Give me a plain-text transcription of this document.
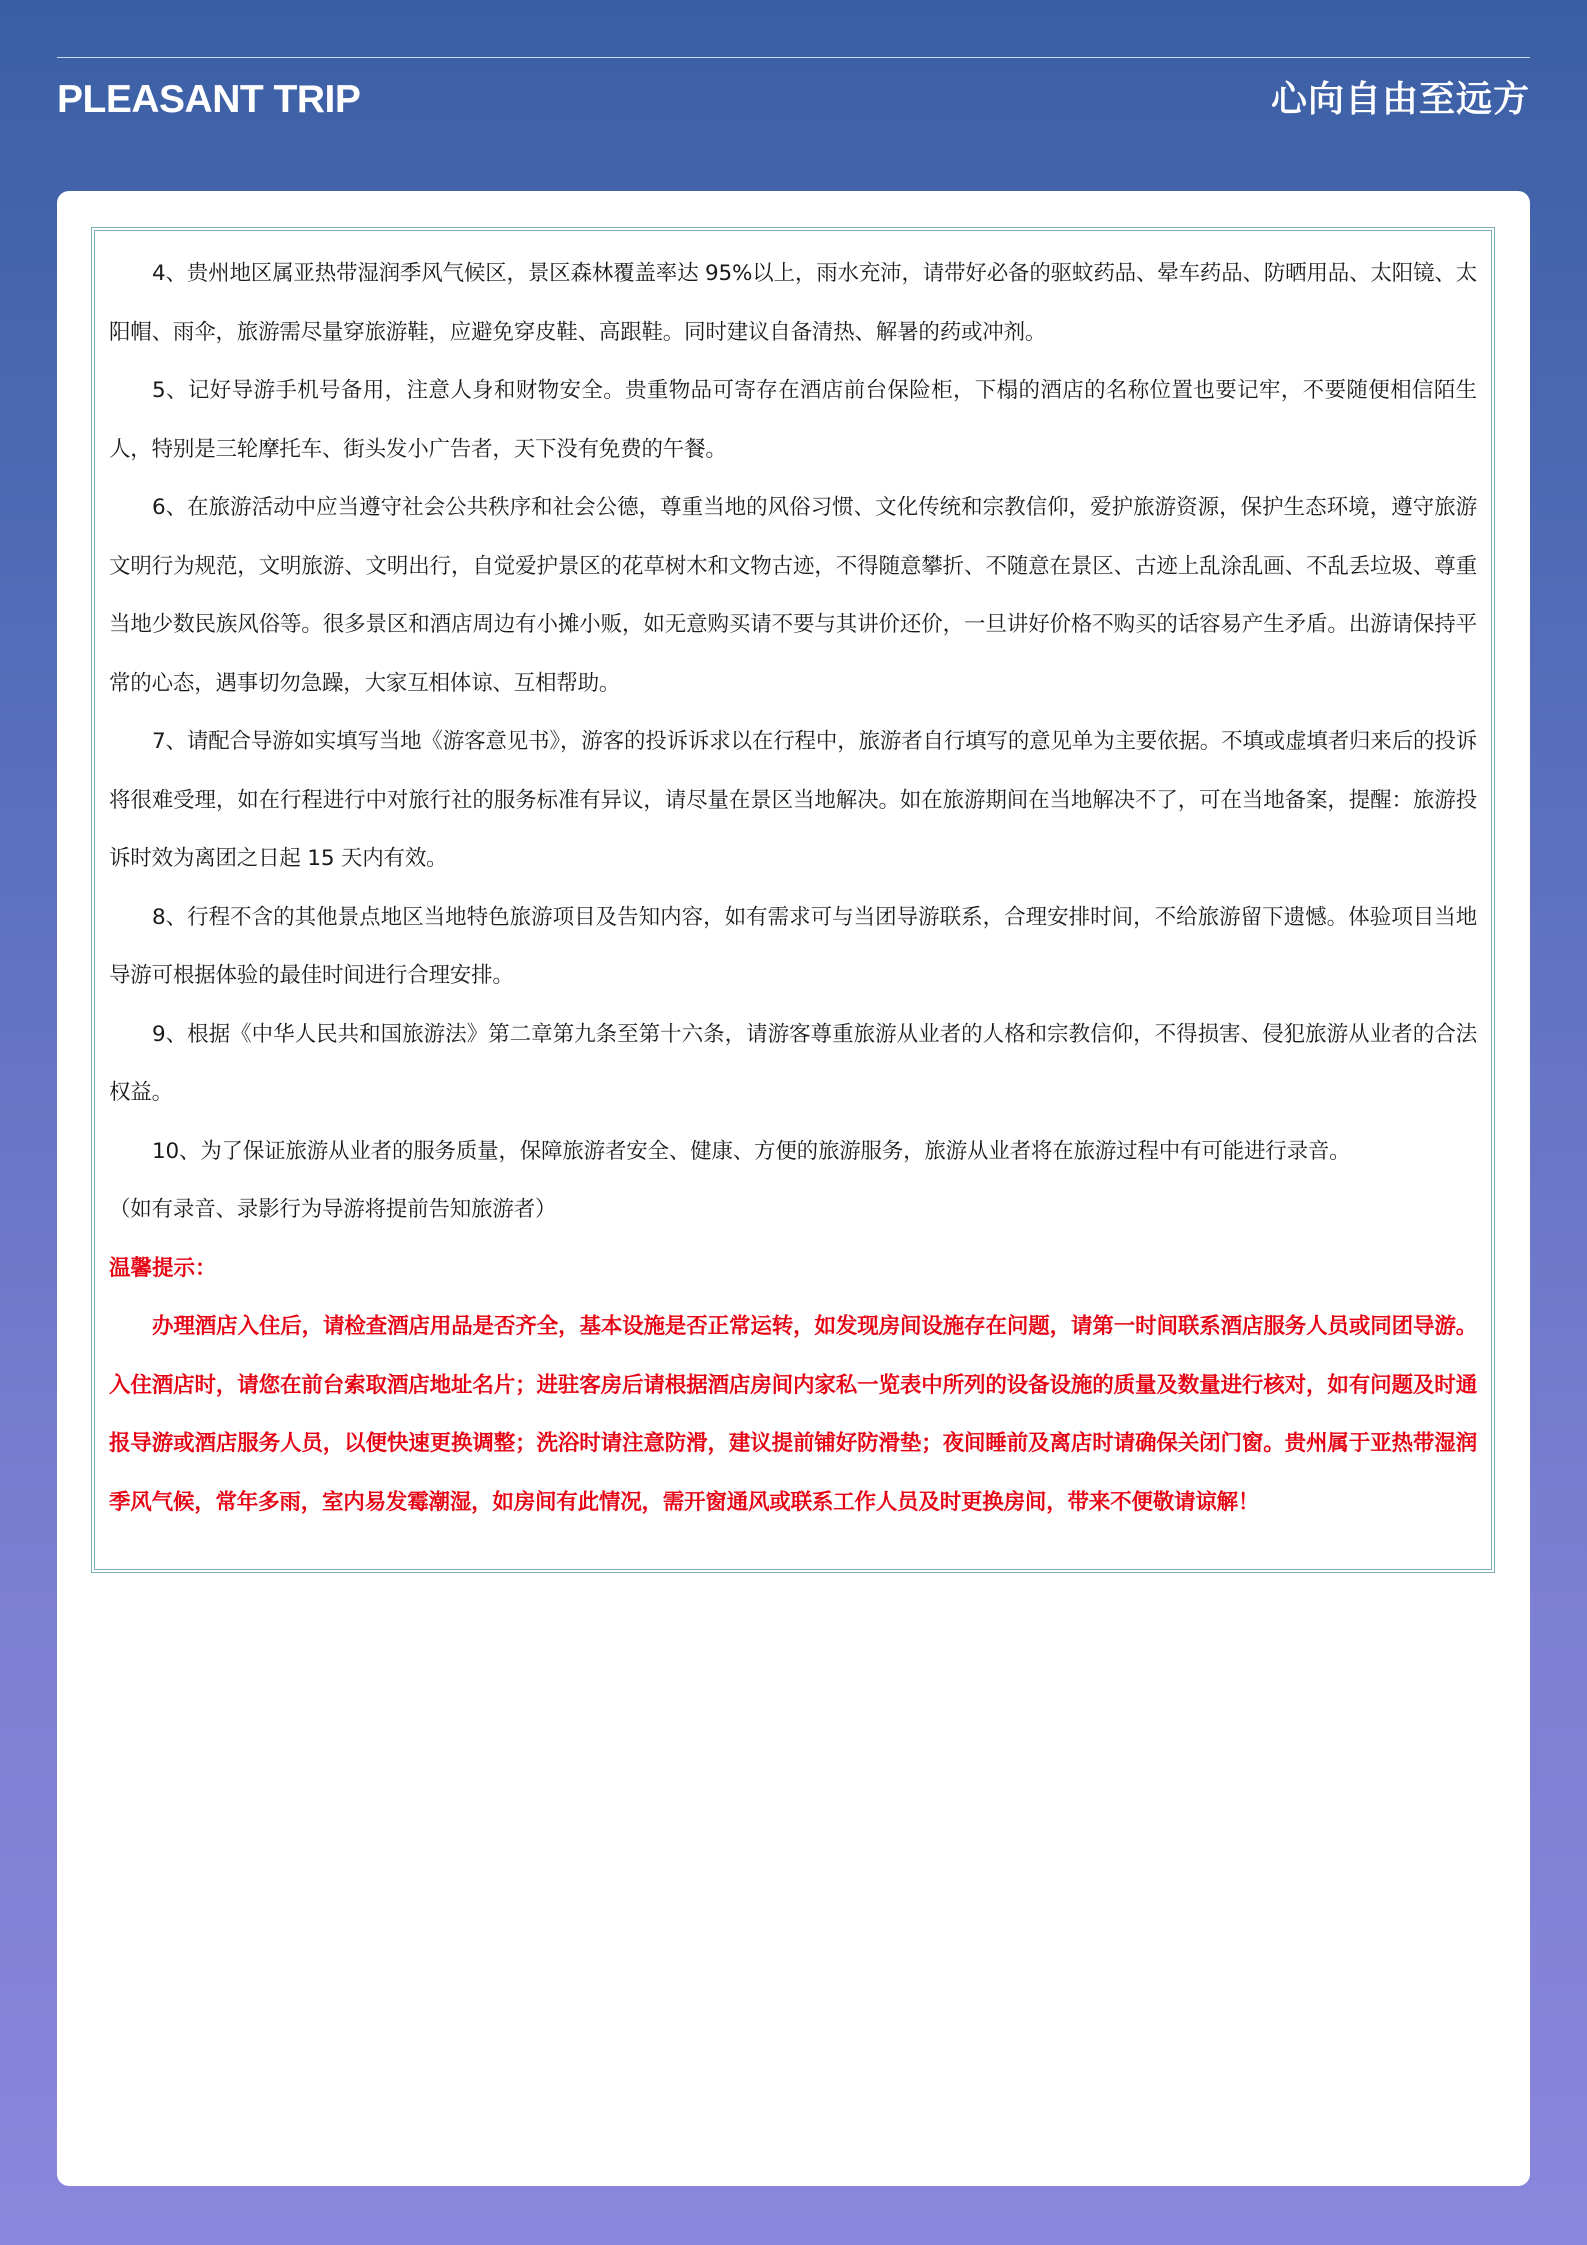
PLEASANT TRIP	心向自由至远方

4、贵州地区属亚热带湿润季风气候区，景区森林覆盖率达 95%以上，雨水充沛，请带好必备的驱蚊药品、晕车药品、防晒用品、太阳镜、太阳帽、雨伞，旅游需尽量穿旅游鞋，应避免穿皮鞋、高跟鞋。同时建议自备清热、解暑的药或冲剂。

5、记好导游手机号备用，注意人身和财物安全。贵重物品可寄存在酒店前台保险柜，下榻的酒店的名称位置也要记牢，不要随便相信陌生人，特别是三轮摩托车、街头发小广告者，天下没有免费的午餐。

6、在旅游活动中应当遵守社会公共秩序和社会公德，尊重当地的风俗习惯、文化传统和宗教信仰，爱护旅游资源，保护生态环境，遵守旅游文明行为规范，文明旅游、文明出行，自觉爱护景区的花草树木和文物古迹，不得随意攀折、不随意在景区、古迹上乱涂乱画、不乱丢垃圾、尊重当地少数民族风俗等。很多景区和酒店周边有小摊小贩，如无意购买请不要与其讲价还价，一旦讲好价格不购买的话容易产生矛盾。出游请保持平常的心态，遇事切勿急躁，大家互相体谅、互相帮助。

7、请配合导游如实填写当地《游客意见书》，游客的投诉诉求以在行程中，旅游者自行填写的意见单为主要依据。不填或虚填者归来后的投诉将很难受理，如在行程进行中对旅行社的服务标准有异议，请尽量在景区当地解决。如在旅游期间在当地解决不了，可在当地备案，提醒：旅游投诉时效为离团之日起 15 天内有效。

8、行程不含的其他景点地区当地特色旅游项目及告知内容，如有需求可与当团导游联系，合理安排时间，不给旅游留下遗憾。体验项目当地导游可根据体验的最佳时间进行合理安排。

9、根据《中华人民共和国旅游法》第二章第九条至第十六条，请游客尊重旅游从业者的人格和宗教信仰，不得损害、侵犯旅游从业者的合法权益。

10、为了保证旅游从业者的服务质量，保障旅游者安全、健康、方便的旅游服务，旅游从业者将在旅游过程中有可能进行录音。

（如有录音、录影行为导游将提前告知旅游者）

温馨提示：

办理酒店入住后，请检查酒店用品是否齐全，基本设施是否正常运转，如发现房间设施存在问题，请第一时间联系酒店服务人员或同团导游。入住酒店时，请您在前台索取酒店地址名片；进驻客房后请根据酒店房间内家私一览表中所列的设备设施的质量及数量进行核对，如有问题及时通报导游或酒店服务人员，以便快速更换调整；洗浴时请注意防滑，建议提前铺好防滑垫；夜间睡前及离店时请确保关闭门窗。贵州属于亚热带湿润季风气候，常年多雨，室内易发霉潮湿，如房间有此情况，需开窗通风或联系工作人员及时更换房间，带来不便敬请谅解！
